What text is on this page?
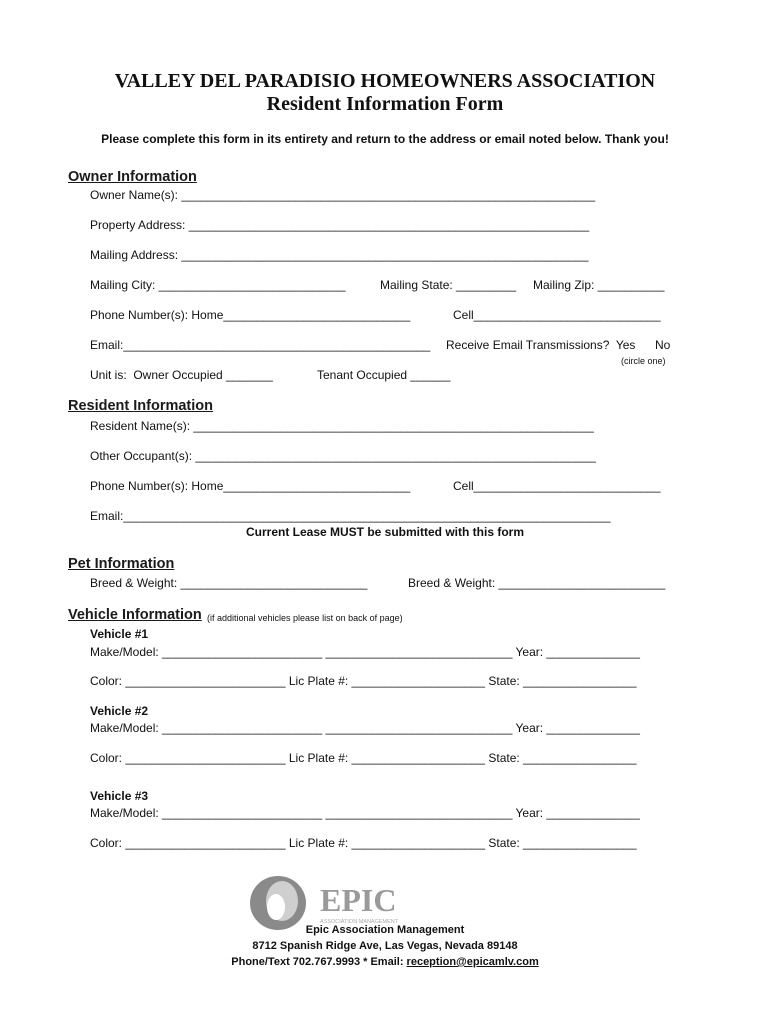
VALLEY DEL PARADISIO HOMEOWNERS ASSOCIATION
Resident Information Form
Please complete this form in its entirety and return to the address or email noted below. Thank you!
Owner Information
Owner Name(s): ______________________________________________________________
Property Address: ____________________________________________________________
Mailing Address: _____________________________________________________________
Mailing City: ____________________________	Mailing State: _________ Mailing Zip: __________
Phone Number(s): Home____________________________	Cell____________________________
Email:______________________________________________ Receive Email Transmissions?  Yes No
(circle one)
Unit is:  Owner Occupied _______	Tenant Occupied ______
Resident Information
Resident Name(s): ____________________________________________________________
Other Occupant(s): ____________________________________________________________
Phone Number(s): Home____________________________	Cell____________________________
Email:_________________________________________________________________________
Current Lease MUST be submitted with this form
Pet Information
Breed & Weight: ____________________________	Breed & Weight: _________________________
Vehicle Information (if additional vehicles please list on back of page)
Vehicle #1
Make/Model: ________________________ ____________________________ Year: ______________
Color: ________________________ Lic Plate #: ____________________ State: _________________
Vehicle #2
Make/Model: ________________________ ____________________________ Year: ______________
Color: ________________________ Lic Plate #: ____________________ State: _________________
Vehicle #3
Make/Model: ________________________ ____________________________ Year: ______________
Color: ________________________ Lic Plate #: ____________________ State: _________________
EPIC
ASSOCIATION MANAGEMENT
Epic Association Management
8712 Spanish Ridge Ave, Las Vegas, Nevada 89148
Phone/Text 702.767.9993 * Email: reception@epicamlv.com
